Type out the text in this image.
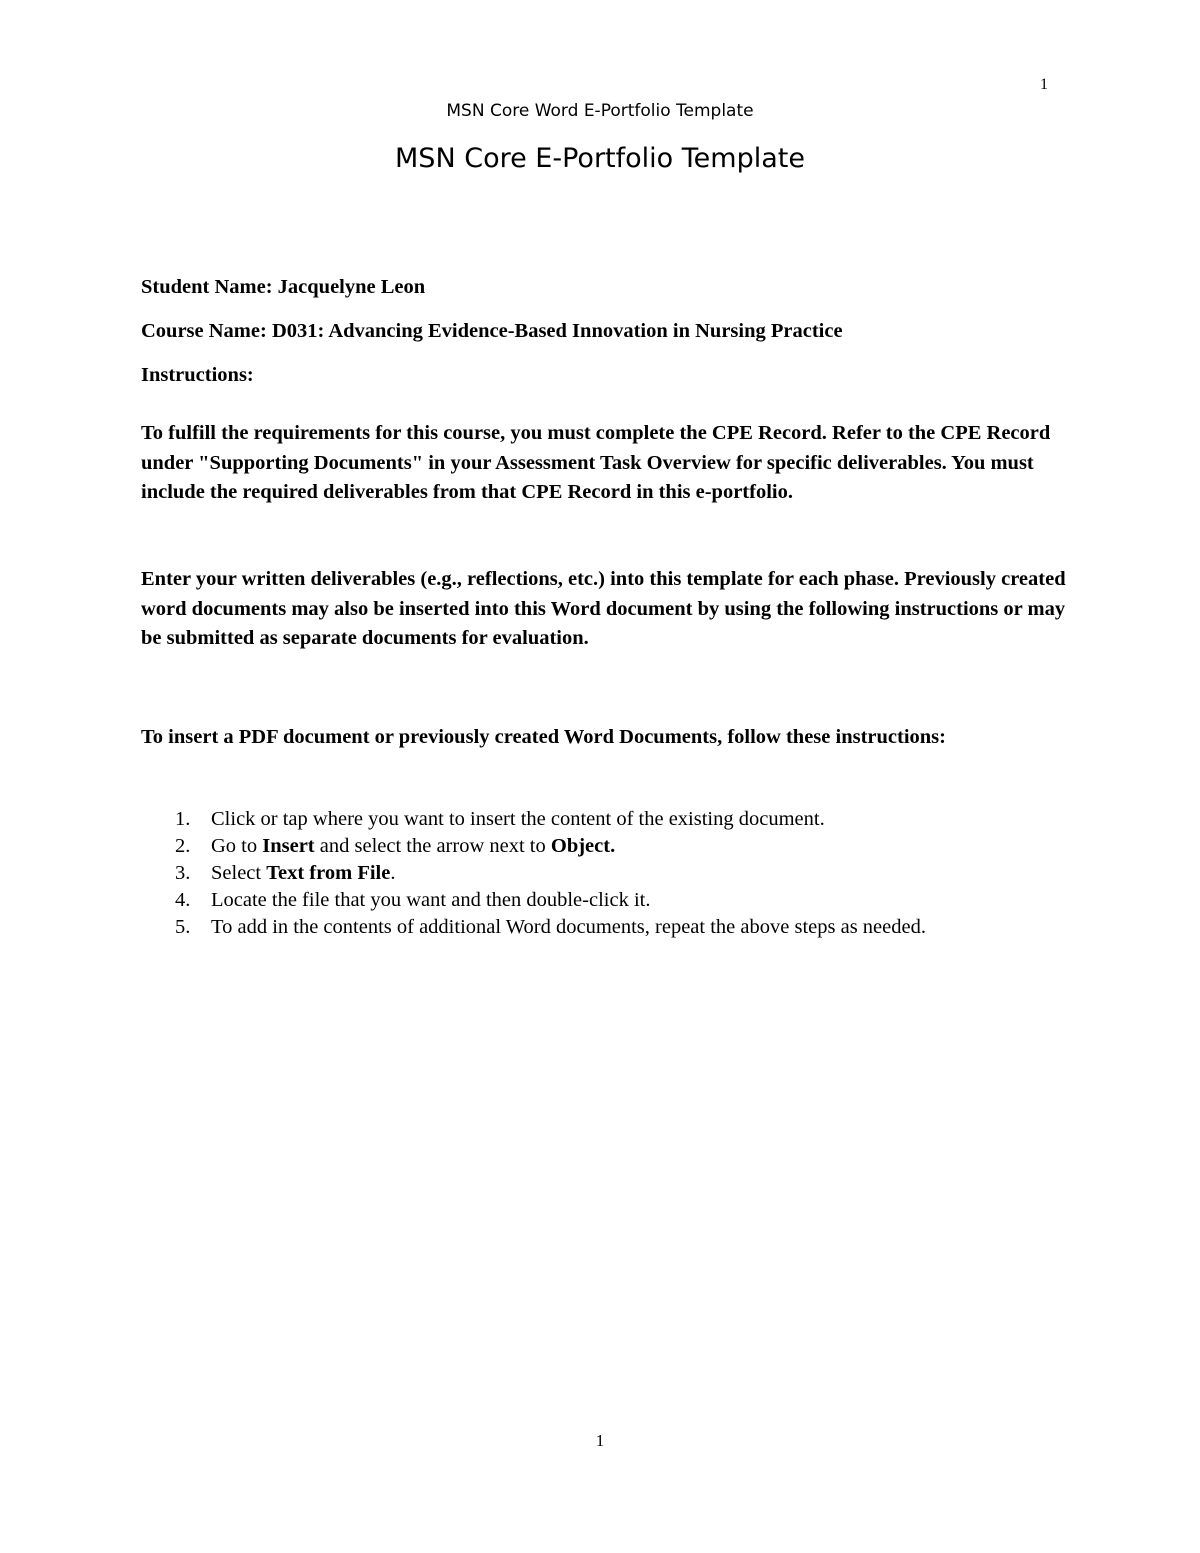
1
MSN Core Word E-Portfolio Template
MSN Core E-Portfolio Template
Student Name: Jacquelyne Leon
Course Name: D031: Advancing Evidence-Based Innovation in Nursing Practice
Instructions:
To fulfill the requirements for this course, you must complete the CPE Record. Refer to the CPE Record under "Supporting Documents" in your Assessment Task Overview for specific deliverables. You must include the required deliverables from that CPE Record in this e-portfolio.
Enter your written deliverables (e.g., reflections, etc.) into this template for each phase. Previously created word documents may also be inserted into this Word document by using the following instructions or may be submitted as separate documents for evaluation.
To insert a PDF document or previously created Word Documents, follow these instructions:
1.	Click or tap where you want to insert the content of the existing document.
2.	Go to Insert and select the arrow next to Object.
3.	Select Text from File.
4.	Locate the file that you want and then double-click it.
5.	To add in the contents of additional Word documents, repeat the above steps as needed.
1
